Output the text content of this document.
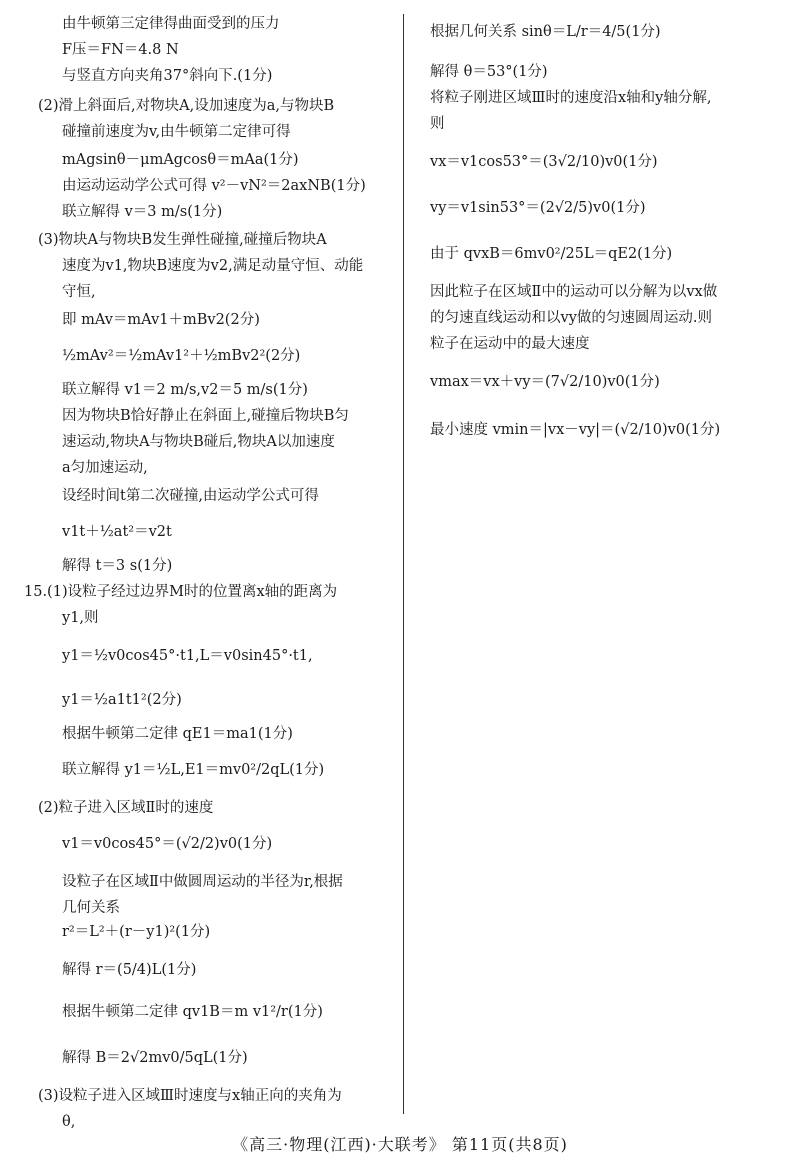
由牛顿第三定律得曲面受到的压力
F压＝FN＝4.8 N
与竖直方向夹角37°斜向下.(1分)
(2)滑上斜面后,对物块A,设加速度为a,与物块B
碰撞前速度为v,由牛顿第二定律可得
mAgsinθ－μmAgcosθ＝mAa(1分)
由运动运动学公式可得 v²－vN²＝2axNB(1分)
联立解得 v＝3 m/s(1分)
(3)物块A与物块B发生弹性碰撞,碰撞后物块A
速度为v1,物块B速度为v2,满足动量守恒、动能
守恒,
即 mAv＝mAv1＋mBv2(2分)
½mAv²＝½mAv1²＋½mBv2²(2分)
联立解得 v1＝2 m/s,v2＝5 m/s(1分)
因为物块B恰好静止在斜面上,碰撞后物块B匀
速运动,物块A与物块B碰后,物块A以加速度
a匀加速运动,
设经时间t第二次碰撞,由运动学公式可得
v1t＋½at²＝v2t
解得 t＝3 s(1分)
15.(1)设粒子经过边界M时的位置离x轴的距离为
y1,则
y1＝½v0cos45°·t1,L＝v0sin45°·t1,
y1＝½a1t1²(2分)
根据牛顿第二定律 qE1＝ma1(1分)
联立解得 y1＝½L,E1＝mv0²/2qL(1分)
(2)粒子进入区域Ⅱ时的速度
v1＝v0cos45°＝(√2/2)v0(1分)
设粒子在区域Ⅱ中做圆周运动的半径为r,根据
几何关系
r²＝L²＋(r－y1)²(1分)
解得 r＝(5/4)L(1分)
根据牛顿第二定律 qv1B＝m v1²/r(1分)
解得 B＝2√2mv0/5qL(1分)
(3)设粒子进入区域Ⅲ时速度与x轴正向的夹角为
θ,
根据几何关系 sinθ＝L/r＝4/5(1分)
解得 θ＝53°(1分)
将粒子刚进区域Ⅲ时的速度沿x轴和y轴分解,
则
vx＝v1cos53°＝(3√2/10)v0(1分)
vy＝v1sin53°＝(2√2/5)v0(1分)
由于 qvxB＝6mv0²/25L＝qE2(1分)
因此粒子在区域Ⅱ中的运动可以分解为以vx做
的匀速直线运动和以vy做的匀速圆周运动.则
粒子在运动中的最大速度
vmax＝vx＋vy＝(7√2/10)v0(1分)
最小速度 vmin＝|vx－vy|＝(√2/10)v0(1分)
《高三·物理(江西)·大联考》 第11页(共8页)
